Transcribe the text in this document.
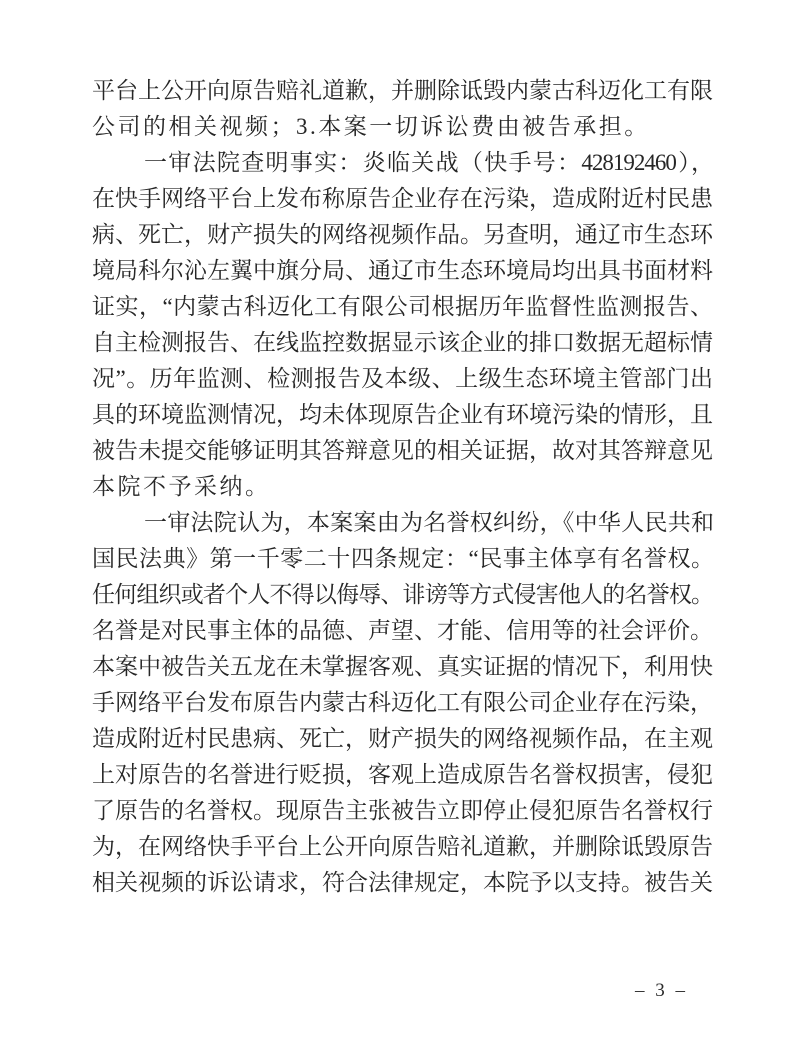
平台上公开向原告赔礼道歉，并删除诋毁内蒙古科迈化工有限
公司的相关视频；3.本案一切诉讼费由被告承担。
一审法院查明事实：炎临关战（快手号：428192460），
在快手网络平台上发布称原告企业存在污染，造成附近村民患
病、死亡，财产损失的网络视频作品。另查明，通辽市生态环
境局科尔沁左翼中旗分局、通辽市生态环境局均出具书面材料
证实，“内蒙古科迈化工有限公司根据历年监督性监测报告、
自主检测报告、在线监控数据显示该企业的排口数据无超标情
况”。历年监测、检测报告及本级、上级生态环境主管部门出
具的环境监测情况，均未体现原告企业有环境污染的情形，且
被告未提交能够证明其答辩意见的相关证据，故对其答辩意见
本院不予采纳。
一审法院认为，本案案由为名誉权纠纷，《中华人民共和
国民法典》第一千零二十四条规定：“民事主体享有名誉权。
任何组织或者个人不得以侮辱、诽谤等方式侵害他人的名誉权。
名誉是对民事主体的品德、声望、才能、信用等的社会评价。
本案中被告关五龙在未掌握客观、真实证据的情况下，利用快
手网络平台发布原告内蒙古科迈化工有限公司企业存在污染，
造成附近村民患病、死亡，财产损失的网络视频作品，在主观
上对原告的名誉进行贬损，客观上造成原告名誉权损害，侵犯
了原告的名誉权。现原告主张被告立即停止侵犯原告名誉权行
为，在网络快手平台上公开向原告赔礼道歉，并删除诋毁原告
相关视频的诉讼请求，符合法律规定，本院予以支持。被告关
– 3 –
